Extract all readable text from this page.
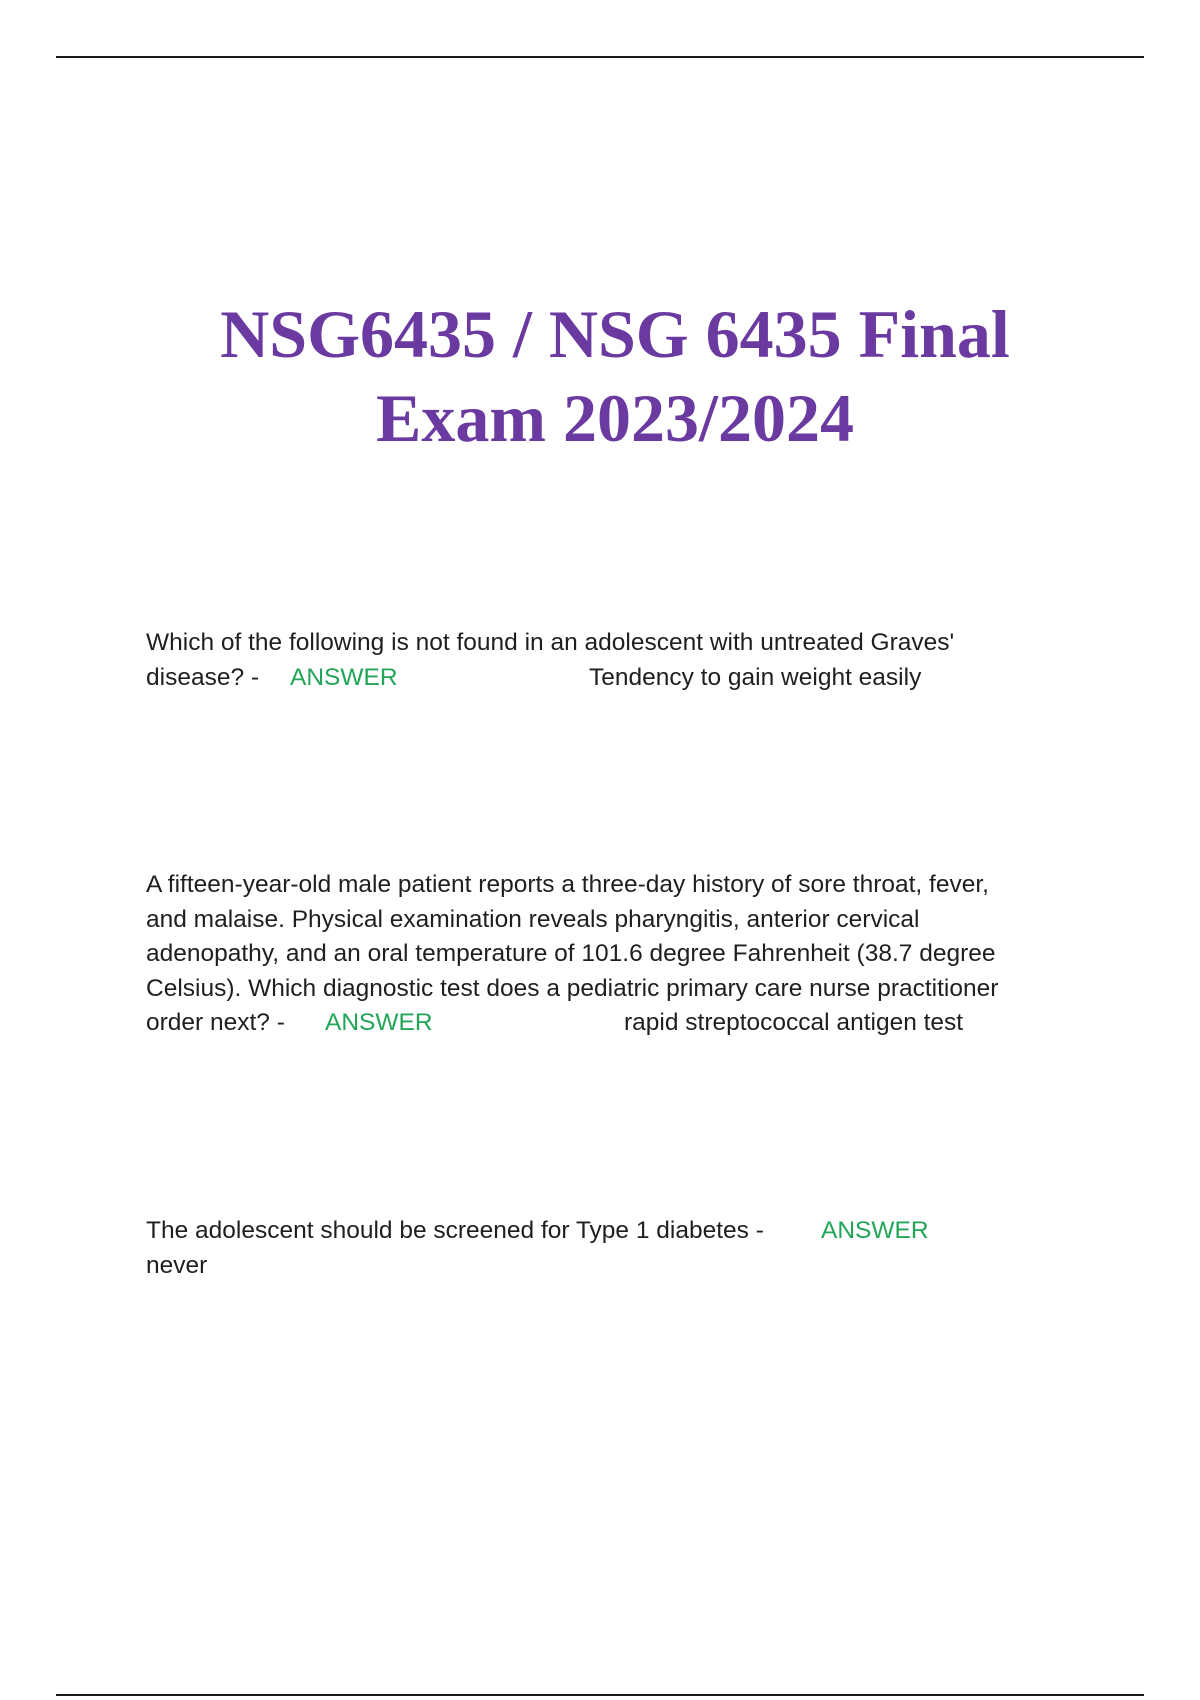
NSG6435 / NSG 6435 Final
Exam 2023/2024
Which of the following is not found in an adolescent with untreated Graves'
disease? -	ANSWER	Tendency to gain weight easily
A fifteen-year-old male patient reports a three-day history of sore throat, fever,
and malaise. Physical examination reveals pharyngitis, anterior cervical
adenopathy, and an oral temperature of 101.6 degree Fahrenheit (38.7 degree
Celsius). Which diagnostic test does a pediatric primary care nurse practitioner
order next? -	ANSWER	rapid streptococcal antigen test
The adolescent should be screened for Type 1 diabetes -
never
ANSWER
